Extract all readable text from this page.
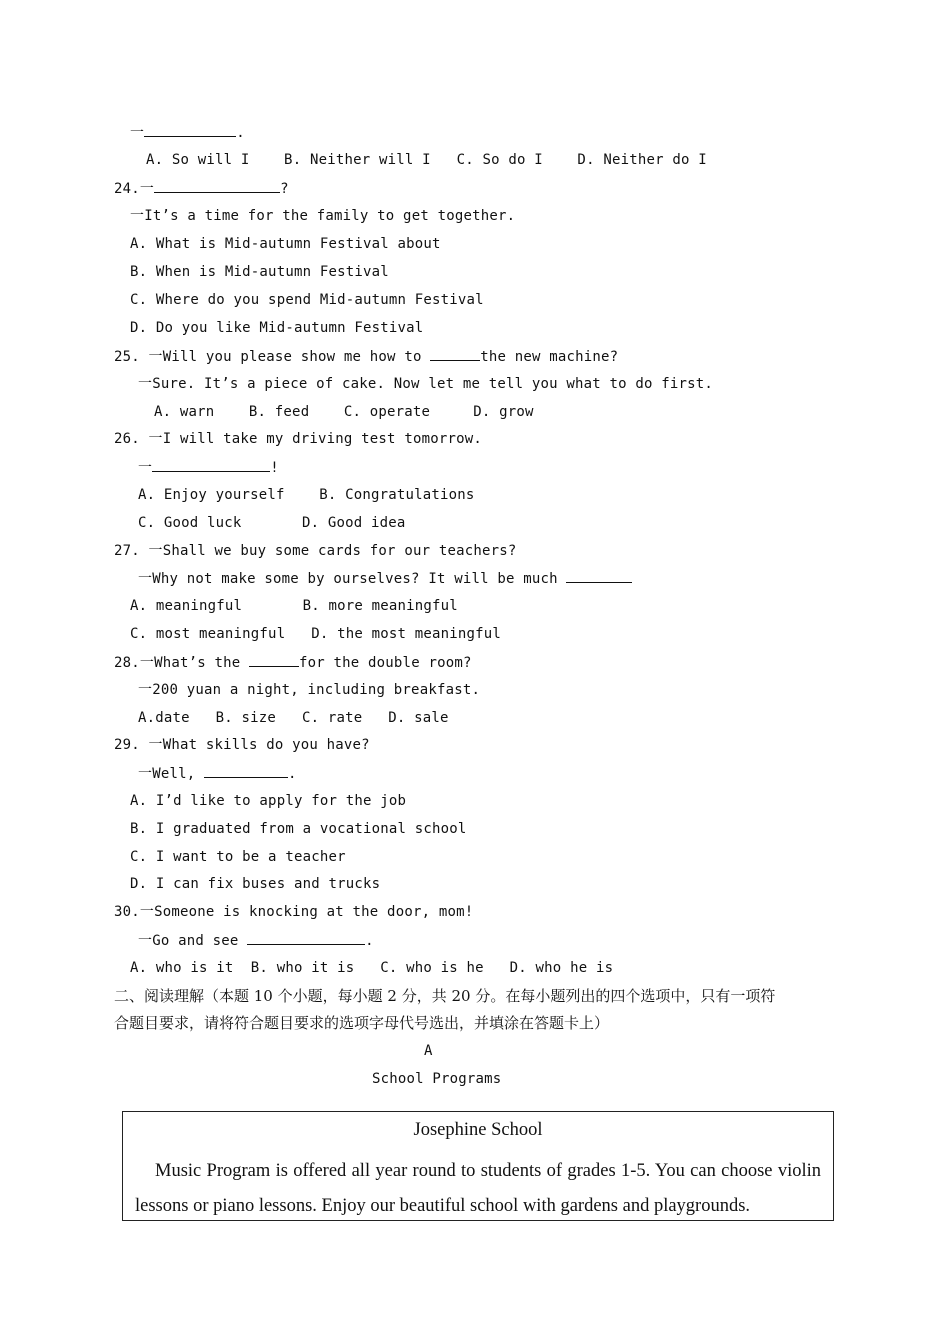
一	.
A. So will I    B. Neither will I   C. So do I    D. Neither do I
24.一	?
一It’s a time for the family to get together.
A. What is Mid-autumn Festival about
B. When is Mid-autumn Festival
C. Where do you spend Mid-autumn Festival
D. Do you like Mid-autumn Festival
25. 一Will you please show me how to	the new machine?
一Sure. It’s a piece of cake. Now let me tell you what to do first.
A. warn    B. feed    C. operate     D. grow
26. 一I will take my driving test tomorrow.
一	!
A. Enjoy yourself    B. Congratulations
C. Good luck       D. Good idea
27. 一Shall we buy some cards for our teachers?
一Why not make some by ourselves? It will be much
A. meaningful       B. more meaningful
C. most meaningful   D. the most meaningful
28.一What’s the	for the double room?
一200 yuan a night, including breakfast.
A.date   B. size   C. rate   D. sale
29. 一What skills do you have?
一Well,	.
A. I’d like to apply for the job
B. I graduated from a vocational school
C. I want to be a teacher
D. I can fix buses and trucks
30.一Someone is knocking at the door, mom!
一Go and see	.
A. who is it  B. who it is   C. who is he   D. who he is
二、阅读理解（本题 10 个小题，每小题 2 分，共 20 分。在每小题列出的四个选项中，只有一项符
合题目要求，请将符合题目要求的选项字母代号选出，并填涂在答题卡上）
A
School Programs
Josephine School
Music Program is offered all year round to students of grades 1-5. You can choose violin lessons or piano lessons. Enjoy our beautiful school with gardens and playgrounds.
